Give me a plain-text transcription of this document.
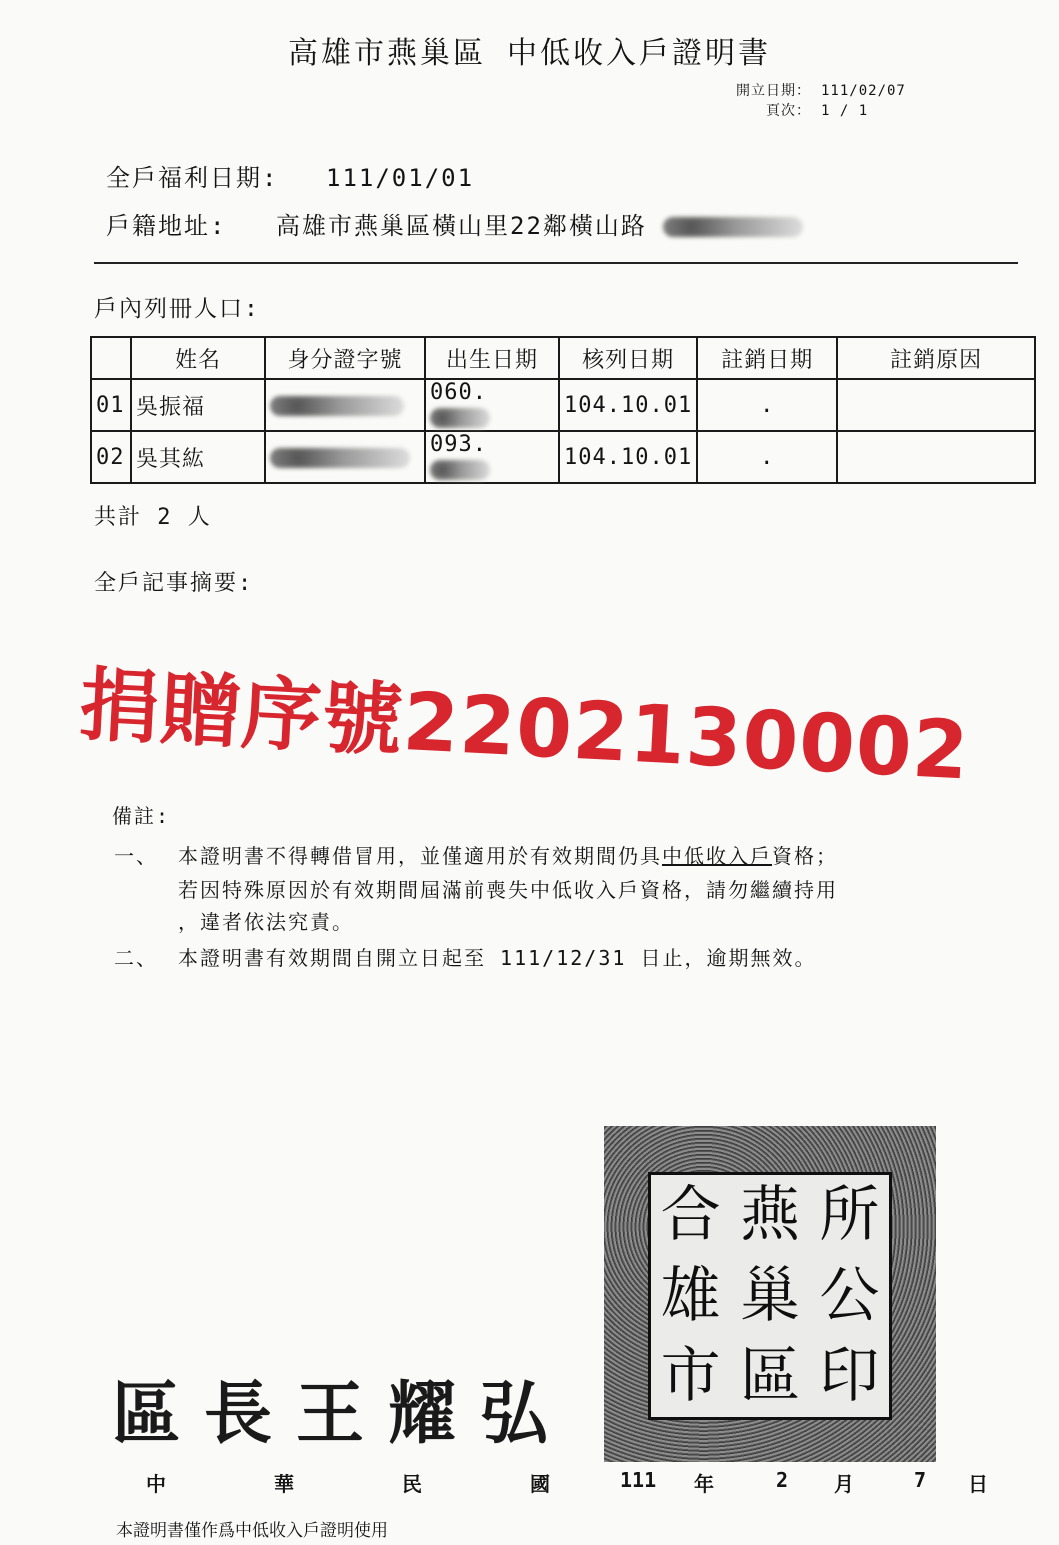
高雄市燕巢區 中低收入戶證明書
開立日期： 111/02/07
頁次： 1 / 1
全戶福利日期: 111/01/01
戶籍地址: 高雄市燕巢區橫山里22鄰橫山路
戶內列冊人口:
	姓名	身分證字號	出生日期	核列日期	註銷日期	註銷原因
01	吳振福		060.	104.10.01	.	
02	吳其紘		093.	104.10.01	.	
共計 2 人
全戶記事摘要:
捐贈序號2202130002
備註:
一、 本證明書不得轉借冒用，並僅適用於有效期間仍具中低收入戶資格；
若因特殊原因於有效期間屆滿前喪失中低收入戶資格，請勿繼續持用
，違者依法究責。
二、 本證明書有效期間自開立日起至 111/12/31 日止，逾期無效。
合 燕 所
雄 巢 公
市 區 印
區長王耀弘
中	華	民	國	111 年	2 月	7 日
本證明書僅作爲中低收入戶證明使用
